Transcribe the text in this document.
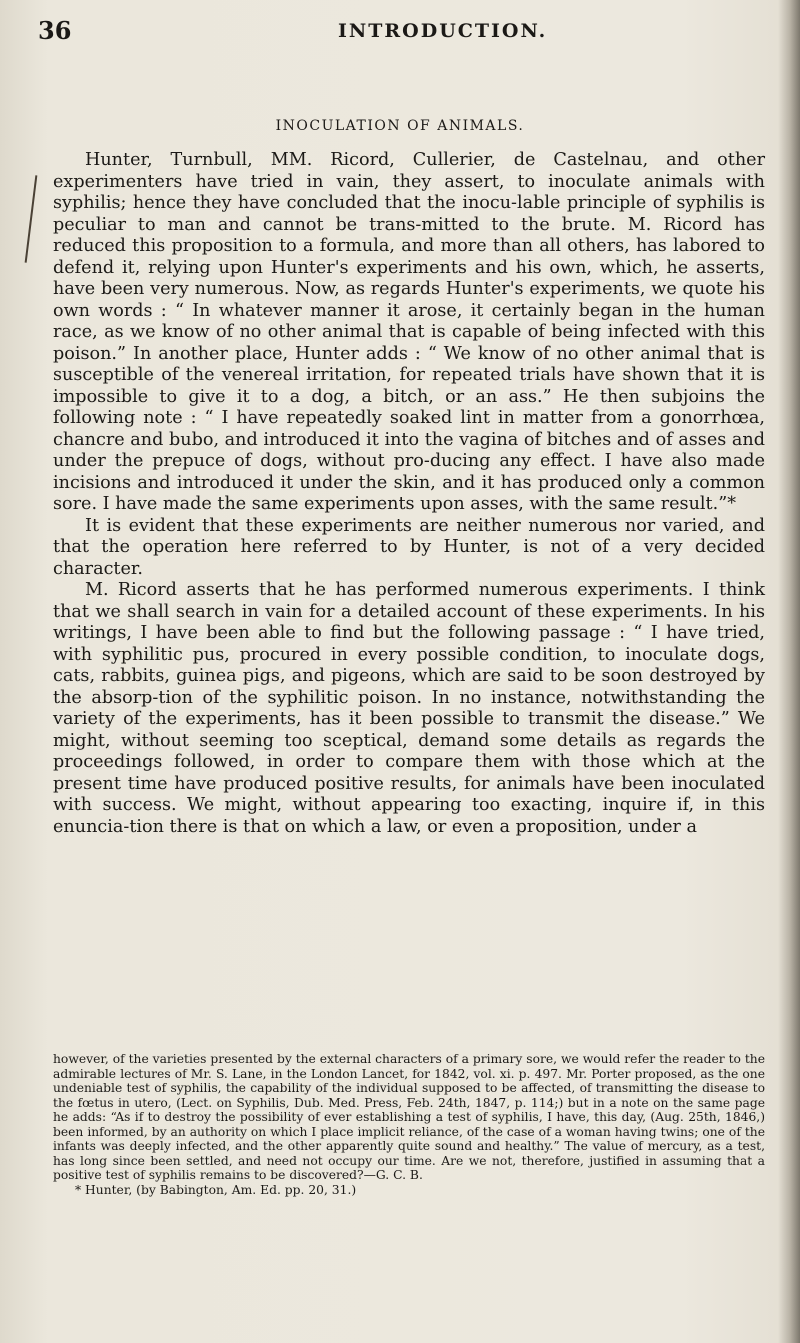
36	INTRODUCTION.
INOCULATION OF ANIMALS.

Hunter, Turnbull, MM. Ricord, Cullerier, de Castelnau, and other experimenters have tried in vain, they assert, to inoculate animals with syphilis; hence they have concluded that the inocu-lable principle of syphilis is peculiar to man and cannot be trans-mitted to the brute. M. Ricord has reduced this proposition to a formula, and more than all others, has labored to defend it, relying upon Hunter's experiments and his own, which, he asserts, have been very numerous. Now, as regards Hunter's experiments, we quote his own words : “ In whatever manner it arose, it certainly began in the human race, as we know of no other animal that is capable of being infected with this poison.” In another place, Hunter adds : “ We know of no other animal that is susceptible of the venereal irritation, for repeated trials have shown that it is impossible to give it to a dog, a bitch, or an ass.” He then subjoins the following note : “ I have repeatedly soaked lint in matter from a gonorrhœa, chancre and bubo, and introduced it into the vagina of bitches and of asses and under the prepuce of dogs, without pro-ducing any effect. I have also made incisions and introduced it under the skin, and it has produced only a common sore. I have made the same experiments upon asses, with the same result.”*

It is evident that these experiments are neither numerous nor varied, and that the operation here referred to by Hunter, is not of a very decided character.

M. Ricord asserts that he has performed numerous experiments. I think that we shall search in vain for a detailed account of these experiments. In his writings, I have been able to find but the following passage : “ I have tried, with syphilitic pus, procured in every possible condition, to inoculate dogs, cats, rabbits, guinea pigs, and pigeons, which are said to be soon destroyed by the absorp-tion of the syphilitic poison. In no instance, notwithstanding the variety of the experiments, has it been possible to transmit the disease.” We might, without seeming too sceptical, demand some details as regards the proceedings followed, in order to compare them with those which at the present time have produced positive results, for animals have been inoculated with success. We might, without appearing too exacting, inquire if, in this enuncia-tion there is that on which a law, or even a proposition, under a

however, of the varieties presented by the external characters of a primary sore, we would refer the reader to the admirable lectures of Mr. S. Lane, in the London Lancet, for 1842, vol. xi. p. 497. Mr. Porter proposed, as the one undeniable test of syphilis, the capability of the individual supposed to be affected, of transmitting the disease to the fœtus in utero, (Lect. on Syphilis, Dub. Med. Press, Feb. 24th, 1847, p. 114;) but in a note on the same page he adds: “As if to destroy the possibility of ever establishing a test of syphilis, I have, this day, (Aug. 25th, 1846,) been informed, by an authority on which I place implicit reliance, of the case of a woman having twins; one of the infants was deeply infected, and the other apparently quite sound and healthy.” The value of mercury, as a test, has long since been settled, and need not occupy our time. Are we not, therefore, justified in assuming that a positive test of syphilis remains to be discovered?—G. C. B.

* Hunter, (by Babington, Am. Ed. pp. 20, 31.)
